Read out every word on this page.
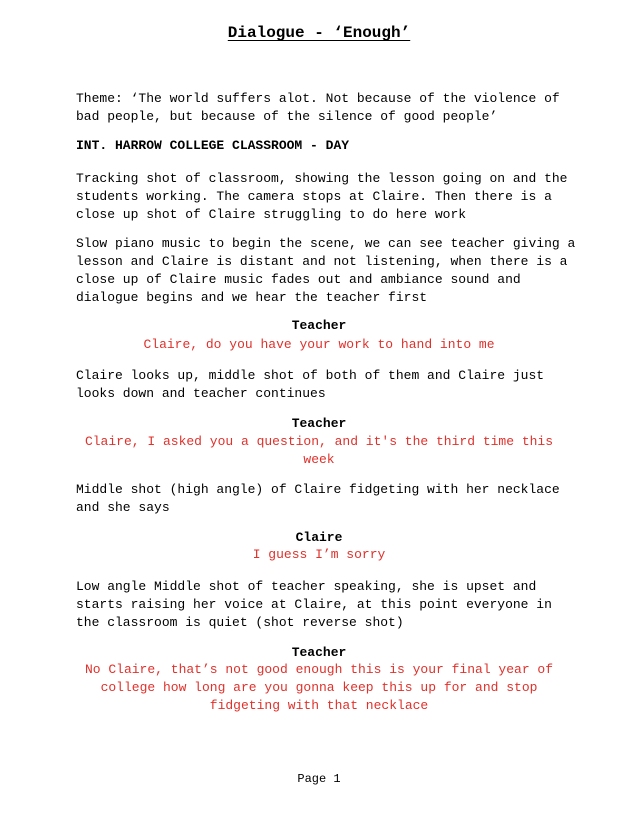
Dialogue - ‘Enough’

Theme: ‘The world suffers alot. Not because of the violence of
bad people, but because of the silence of good people’

INT. HARROW COLLEGE CLASSROOM - DAY

Tracking shot of classroom, showing the lesson going on and the
students working. The camera stops at Claire. Then there is a
close up shot of Claire struggling to do here work

Slow piano music to begin the scene, we can see teacher giving a
lesson and Claire is distant and not listening, when there is a
close up of Claire music fades out and ambiance sound and
dialogue begins and we hear the teacher first

Teacher
Claire, do you have your work to hand into me

Claire looks up, middle shot of both of them and Claire just
looks down and teacher continues

Teacher
Claire, I asked you a question, and it's the third time this
week

Middle shot (high angle) of Claire fidgeting with her necklace
and she says

Claire
I guess I’m sorry

Low angle Middle shot of teacher speaking, she is upset and
starts raising her voice at Claire, at this point everyone in
the classroom is quiet (shot reverse shot)

Teacher
No Claire, that’s not good enough this is your final year of
college how long are you gonna keep this up for and stop
fidgeting with that necklace
Page 1
